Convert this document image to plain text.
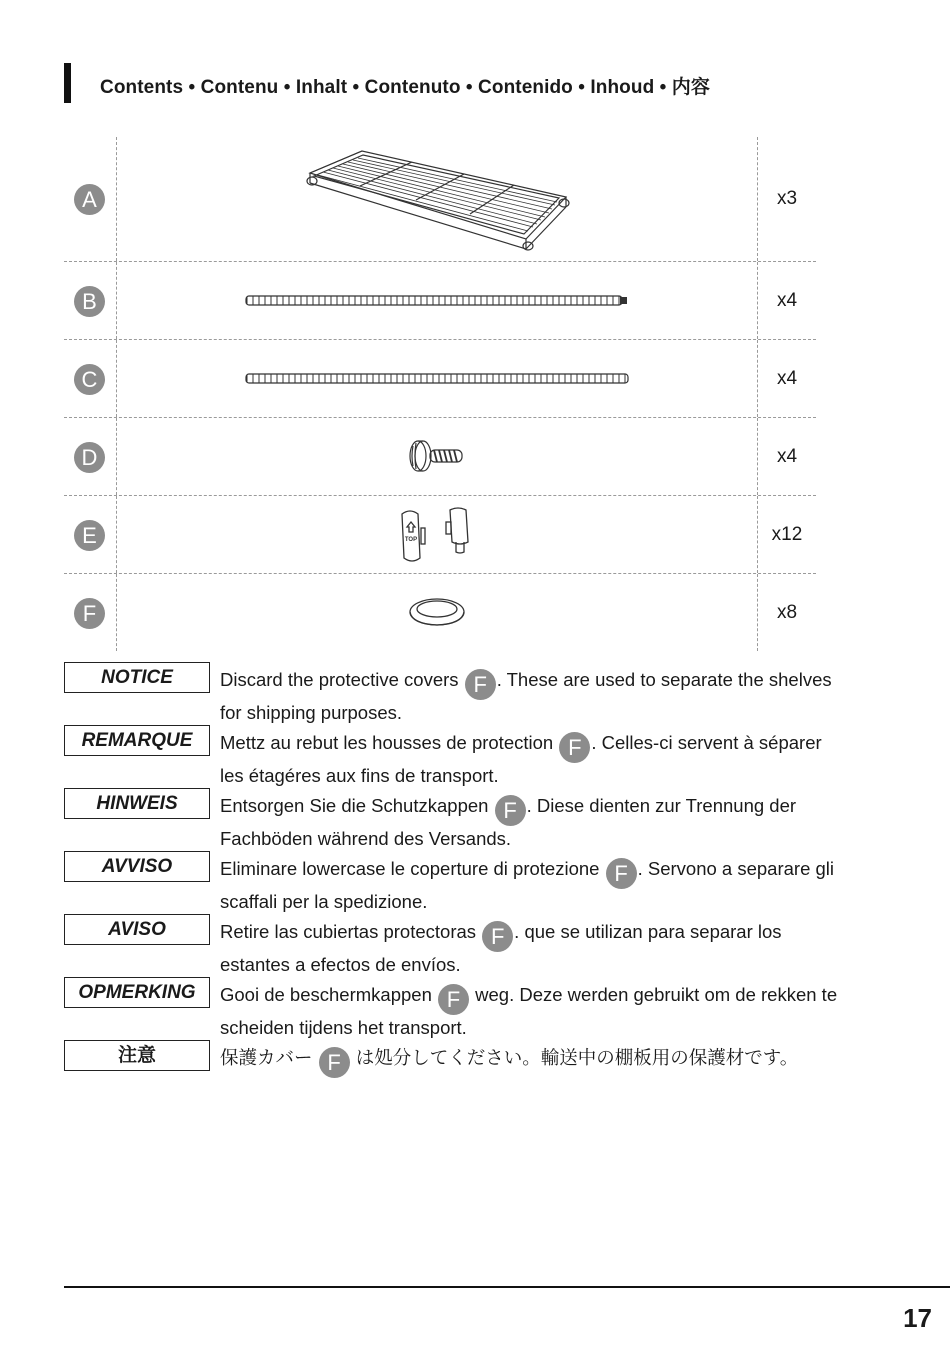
Contents • Contenu • Inhalt • Contenuto • Contenido • Inhoud • 内容
A	x3
B	x4
C	x4
D	x4
E	TOP	x12
F	x8
NOTICE	Discard the protective covers F . These are used to separate the shelves for shipping purposes.
REMARQUE	Mettz au rebut les housses de protection F . Celles-ci servent à séparer les étagéres aux fins de transport.
HINWEIS	Entsorgen Sie die Schutzkappen F . Diese dienten zur Trennung der Fachböden während des Versands.
AVVISO	Eliminare lowercase le coperture di protezione F . Servono a separare gli scaffali per la spedizione.
AVISO	Retire las cubiertas protectoras F . que se utilizan para separar los estantes a efectos de envíos.
OPMERKING	Gooi de beschermkappen F weg. Deze werden gebruikt om de rekken te scheiden tijdens het transport.
注意	保護カバー F は処分してください。輸送中の棚板用の保護材です。
17
